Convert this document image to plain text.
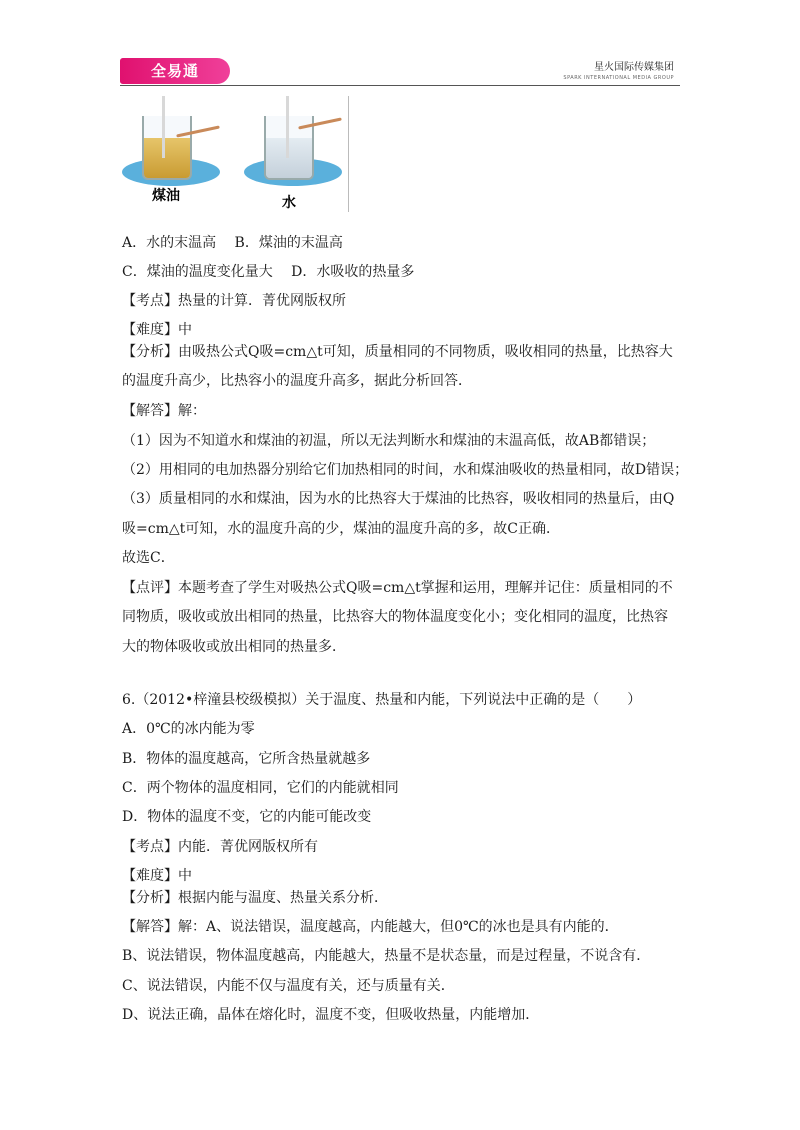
全易通	星火国际传媒集团
SPARK INTERNATIONAL MEDIA GROUP
煤油	水
A．水的末温高　 B．煤油的末温高
C．煤油的温度变化量大　 D．水吸收的热量多
【考点】热量的计算．菁优网版权所
【难度】中
【分析】由吸热公式Q吸=cm△t可知，质量相同的不同物质，吸收相同的热量，比热容大
的温度升高少，比热容小的温度升高多，据此分析回答．
【解答】解：
（1）因为不知道水和煤油的初温，所以无法判断水和煤油的末温高低，故AB都错误；
（2）用相同的电加热器分别给它们加热相同的时间，水和煤油吸收的热量相同，故D错误；
（3）质量相同的水和煤油，因为水的比热容大于煤油的比热容，吸收相同的热量后，由Q
吸=cm△t可知，水的温度升高的少，煤油的温度升高的多，故C正确．
故选C．
【点评】本题考查了学生对吸热公式Q吸=cm△t掌握和运用，理解并记住：质量相同的不
同物质，吸收或放出相同的热量，比热容大的物体温度变化小；变化相同的温度，比热容
大的物体吸收或放出相同的热量多．
6.（2012•梓潼县校级模拟）关于温度、热量和内能，下列说法中正确的是（　　）
A．0℃的冰内能为零
B．物体的温度越高，它所含热量就越多
C．两个物体的温度相同，它们的内能就相同
D．物体的温度不变，它的内能可能改变
【考点】内能．菁优网版权所有
【难度】中
【分析】根据内能与温度、热量关系分析．
【解答】解：A、说法错误，温度越高，内能越大，但0℃的冰也是具有内能的．
B、说法错误，物体温度越高，内能越大，热量不是状态量，而是过程量，不说含有．
C、说法错误，内能不仅与温度有关，还与质量有关．
D、说法正确，晶体在熔化时，温度不变，但吸收热量，内能增加．
